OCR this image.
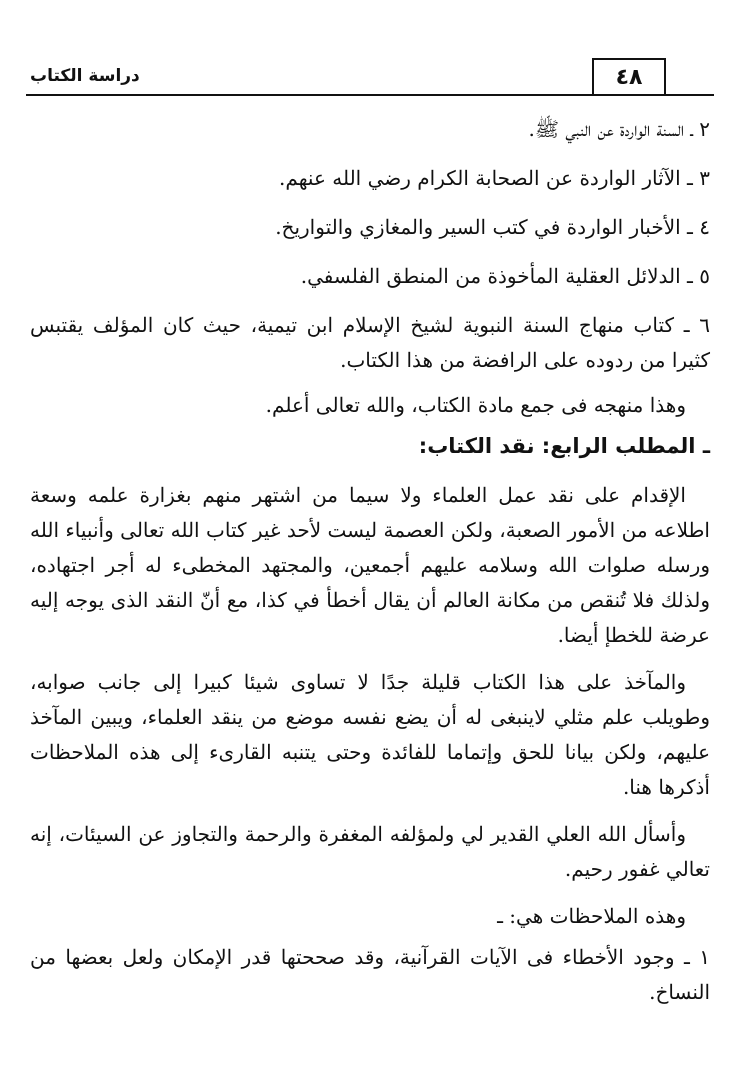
٤٨
دراسة الكتاب

٢ ـ السنة الواردة عن النبي ﷺ.

٣ ـ الآثار الواردة عن الصحابة الكرام رضي الله عنهم.

٤ ـ الأخبار الواردة في كتب السير والمغازي والتواريخ.

٥ ـ الدلائل العقلية المأخوذة من المنطق الفلسفي.

٦ ـ كتاب منهاج السنة النبوية لشيخ الإسلام ابن تيمية، حيث كان المؤلف يقتبس كثيرا من ردوده على الرافضة من هذا الكتاب.

وهذا منهجه فى جمع مادة الكتاب، والله تعالى أعلم.

ـ المطلب الرابع: نقد الكتاب:

الإقدام على نقد عمل العلماء ولا سيما من اشتهر منهم بغزارة علمه وسعة اطلاعه من الأمور الصعبة، ولكن العصمة ليست لأحد غير كتاب الله تعالى وأنبياء الله ورسله صلوات الله وسلامه عليهم أجمعين، والمجتهد المخطىء له أجر اجتهاده، ولذلك فلا تُنقص من مكانة العالم أن يقال أخطأ في كذا، مع أنّ النقد الذى يوجه إليه عرضة للخطإ أيضا.

والمآخذ على هذا الكتاب قليلة جدًا لا تساوى شيئا كبيرا إلى جانب صوابه، وطويلب علم مثلي لاينبغى له أن يضع نفسه موضع من ينقد العلماء، ويبين المآخذ عليهم، ولكن بيانا للحق وإتماما للفائدة وحتى يتنبه القارىء إلى هذه الملاحظات أذكرها هنا.

وأسأل الله العلي القدير لي ولمؤلفه المغفرة والرحمة والتجاوز عن السيئات، إنه تعالي غفور رحيم.

وهذه الملاحظات هي: ـ

١ ـ وجود الأخطاء فى الآيات القرآنية، وقد صححتها قدر الإمكان ولعل بعضها من النساخ.
